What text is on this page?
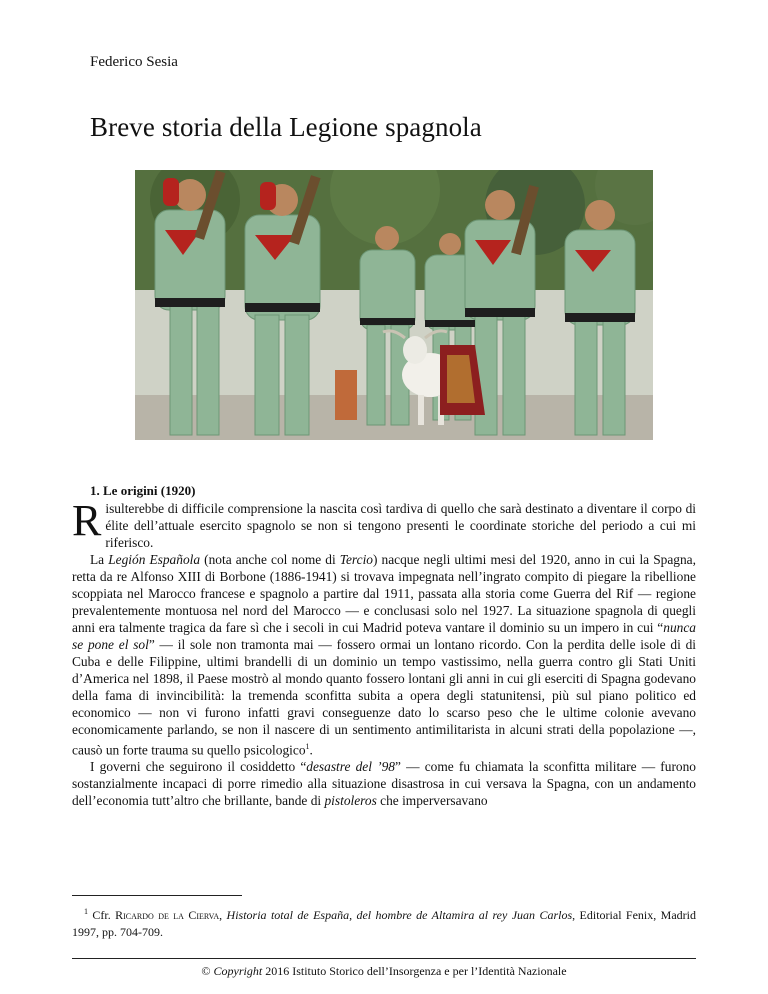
Federico Sesia
Breve storia della Legione spagnola
1. Le origini (1920)

Risulterebbe di difficile comprensione la nascita così tardiva di quello che sarà destinato a diventare il corpo di élite dell’attuale esercito spagnolo se non si tengono presenti le coordinate storiche del periodo a cui mi riferisco.

La Legión Española (nota anche col nome di Tercio) nacque negli ultimi mesi del 1920, anno in cui la Spagna, retta da re Alfonso XIII di Borbone (1886-1941) si trovava impegnata nell’ingrato compito di piegare la ribellione scoppiata nel Marocco francese e spagnolo a partire dal 1911, passata alla storia come Guerra del Rif — regione prevalentemente montuosa nel nord del Marocco — e conclusasi solo nel 1927. La situazione spagnola di quegli anni era talmente tragica da fare sì che i secoli in cui Madrid poteva vantare il dominio su un impero in cui “nunca se pone el sol” — il sole non tramonta mai — fossero ormai un lontano ricordo. Con la perdita delle isole di di Cuba e delle Filippine, ultimi brandelli di un dominio un tempo vastissimo, nella guerra contro gli Stati Uniti d’America nel 1898, il Paese mostrò al mondo quanto fossero lontani gli anni in cui gli eserciti di Spagna godevano della fama di invincibilità: la tremenda sconfitta subita a opera degli statunitensi, più sul piano politico ed economico — non vi furono infatti gravi conseguenze dato lo scarso peso che le ultime colonie avevano economicamente parlando, se non il nascere di un sentimento antimilitarista in alcuni strati della popolazione —, causò un forte trauma su quello psicologico$^1$.

I governi che seguirono il cosiddetto “desastre del ’98” — come fu chiamata la sconfitta militare — furono sostanzialmente incapaci di porre rimedio alla situazione disastrosa in cui versava la Spagna, con un andamento dell’economia tutt’altro che brillante, bande di pistoleros che imperversavano

$^1$ Cfr. Ricardo de la Cierva, Historia total de España, del hombre de Altamira al rey Juan Carlos, Editorial Fenix, Madrid 1997, pp. 704-709.
© Copyright 2016 Istituto Storico dell’Insorgenza e per l’Identità Nazionale
